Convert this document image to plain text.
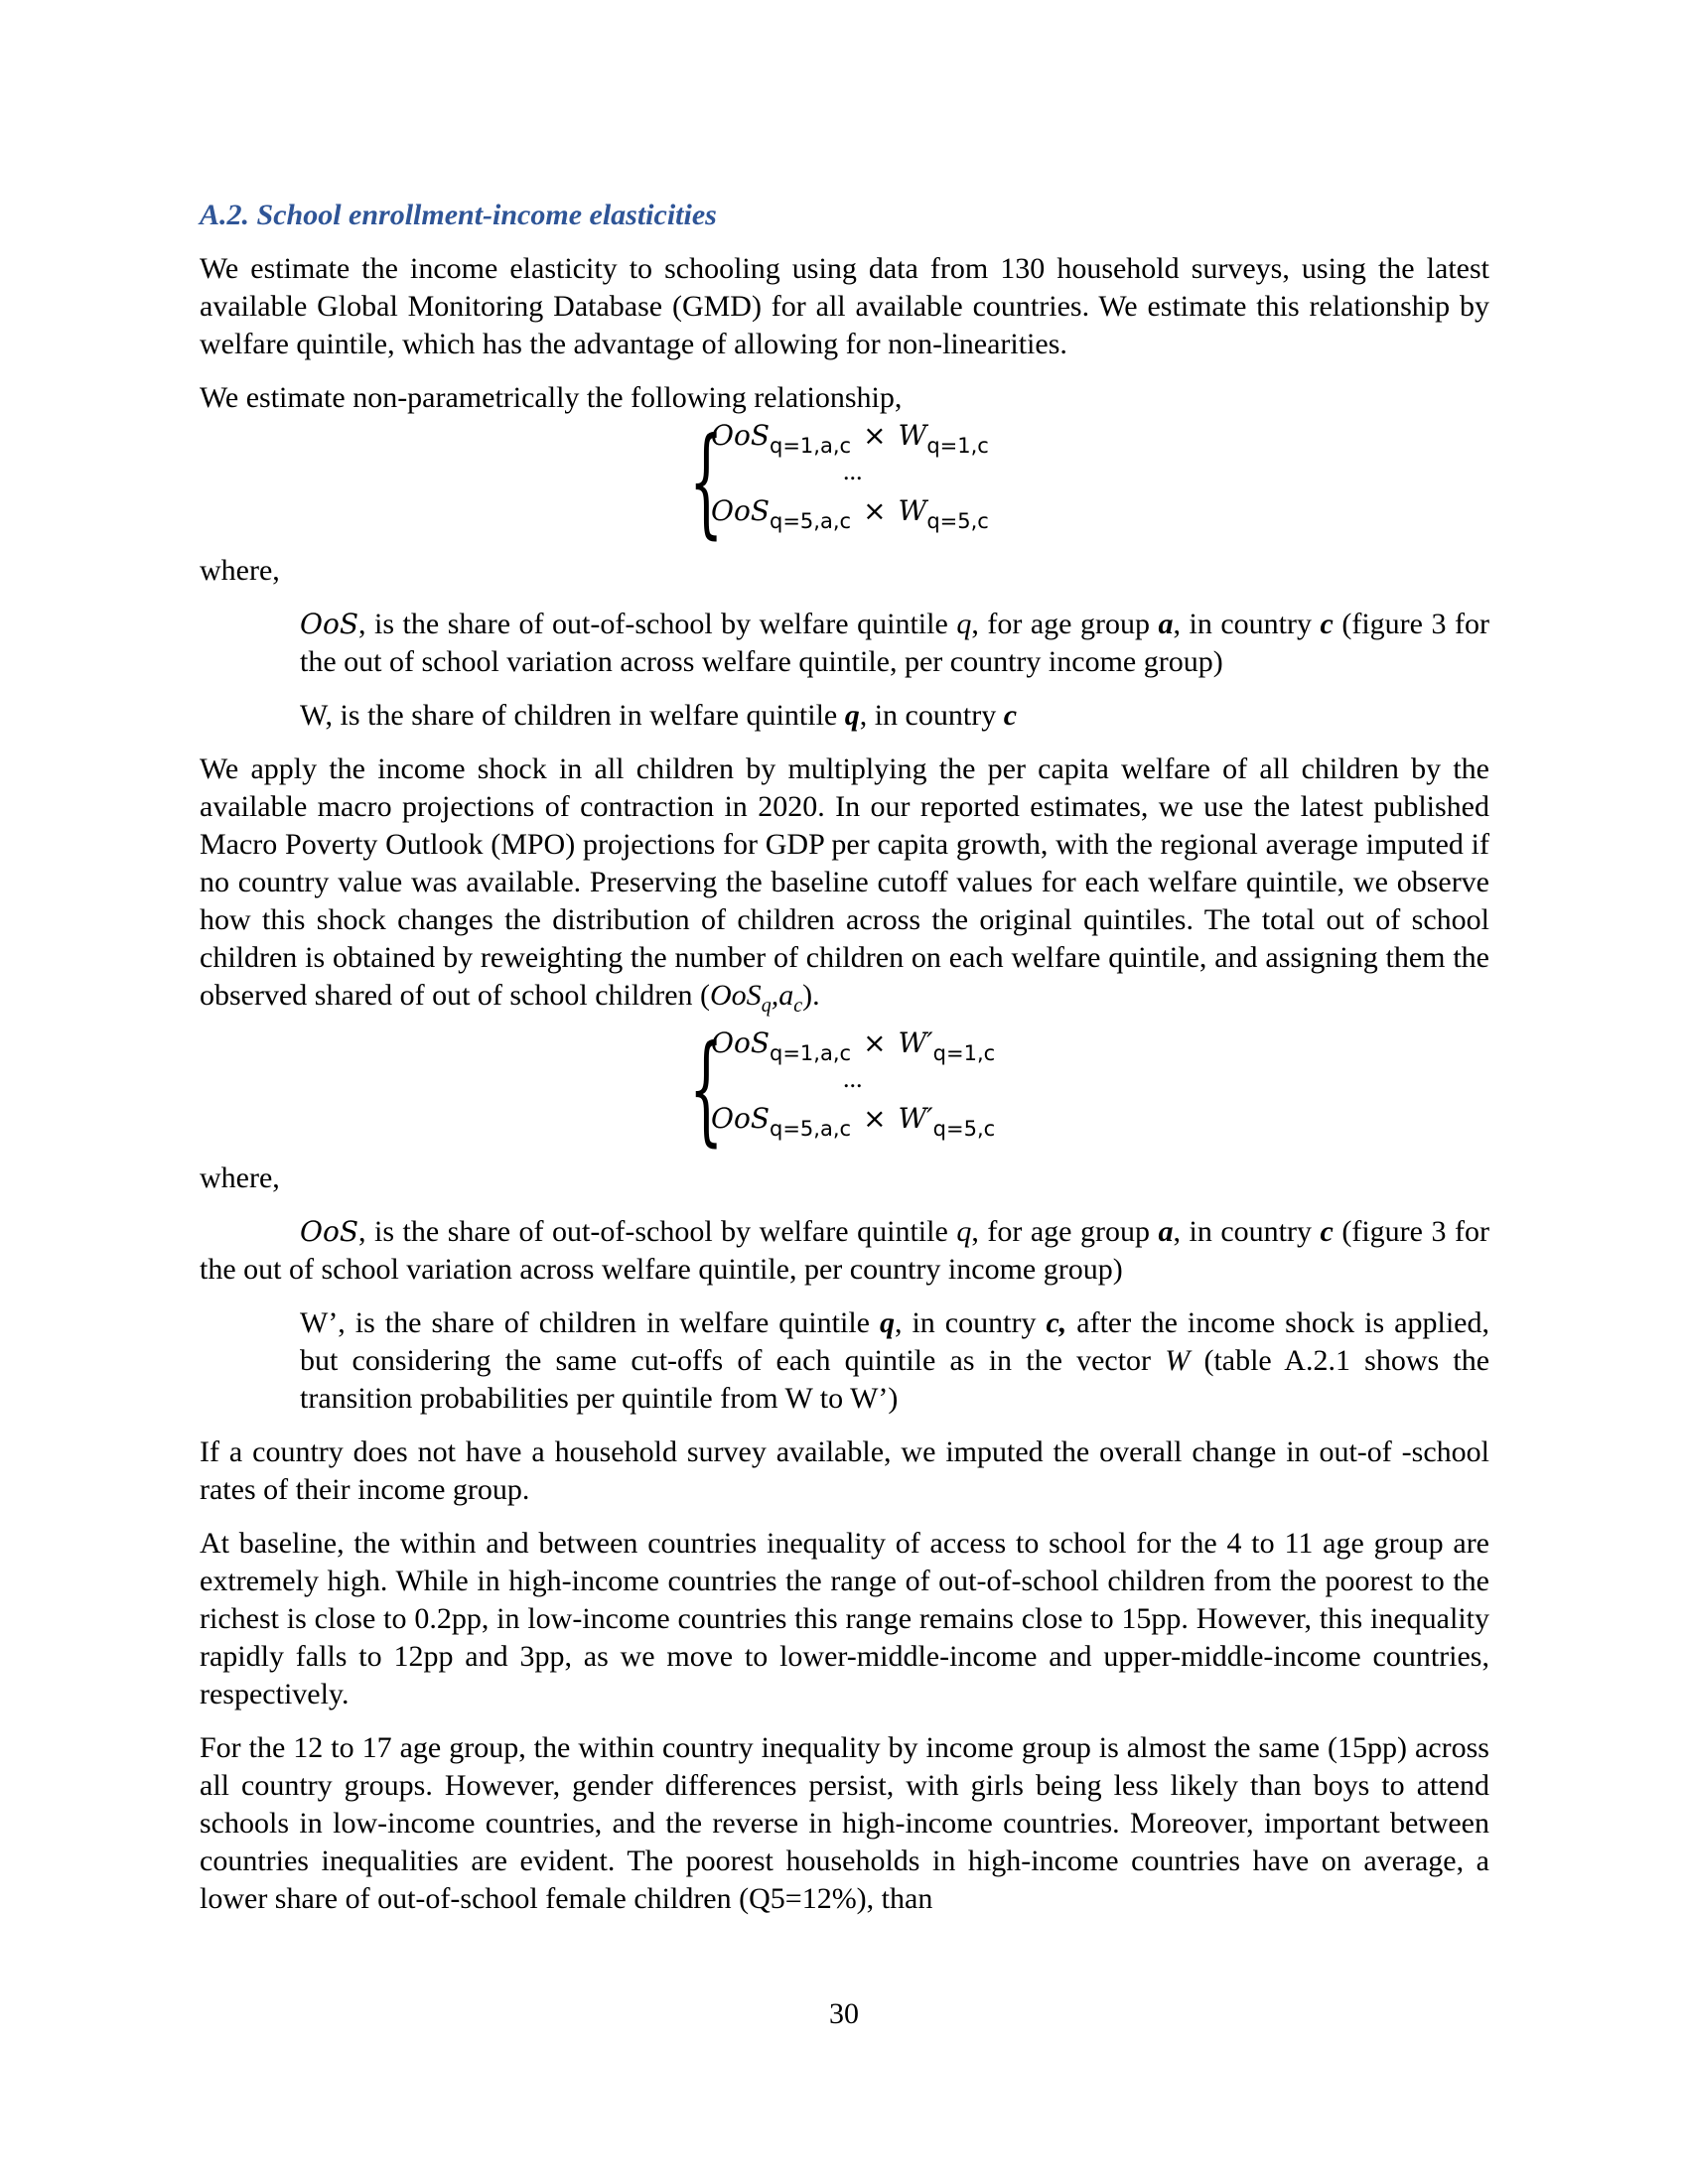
A.2. School enrollment-income elasticities

We estimate the income elasticity to schooling using data from 130 household surveys, using the latest available Global Monitoring Database (GMD) for all available countries. We estimate this relationship by welfare quintile, which has the advantage of allowing for non-linearities.

We estimate non-parametrically the following relationship,

{
$OoS_{q=1,a,c} \times W_{q=1,c}$
...
$OoS_{q=5,a,c} \times W_{q=5,c}$

where,

OoS, is the share of out-of-school by welfare quintile q, for age group a, in country c (figure 3 for the out of school variation across welfare quintile, per country income group)

W, is the share of children in welfare quintile q, in country c

We apply the income shock in all children by multiplying the per capita welfare of all children by the available macro projections of contraction in 2020. In our reported estimates, we use the latest published Macro Poverty Outlook (MPO) projections for GDP per capita growth, with the regional average imputed if no country value was available. Preserving the baseline cutoff values for each welfare quintile, we observe how this shock changes the distribution of children across the original quintiles. The total out of school children is obtained by reweighting the number of children on each welfare quintile, and assigning them the observed shared of out of school children $(OoS_q,a_c)$.

{
$OoS_{q=1,a,c} \times W'_{q=1,c}$
...
$OoS_{q=5,a,c} \times W'_{q=5,c}$

where,

OoS, is the share of out-of-school by welfare quintile q, for age group a, in country c (figure 3 for the out of school variation across welfare quintile, per country income group)

W’, is the share of children in welfare quintile q, in country c, after the income shock is applied, but considering the same cut-offs of each quintile as in the vector W (table A.2.1 shows the transition probabilities per quintile from W to W’)

If a country does not have a household survey available, we imputed the overall change in out-of -school rates of their income group.

At baseline, the within and between countries inequality of access to school for the 4 to 11 age group are extremely high. While in high-income countries the range of out-of-school children from the poorest to the richest is close to 0.2pp, in low-income countries this range remains close to 15pp. However, this inequality rapidly falls to 12pp and 3pp, as we move to lower-middle-income and upper-middle-income countries, respectively.

For the 12 to 17 age group, the within country inequality by income group is almost the same (15pp) across all country groups. However, gender differences persist, with girls being less likely than boys to attend schools in low-income countries, and the reverse in high-income countries. Moreover, important between countries inequalities are evident. The poorest households in high-income countries have on average, a lower share of out-of-school female children (Q5=12%), than

30
